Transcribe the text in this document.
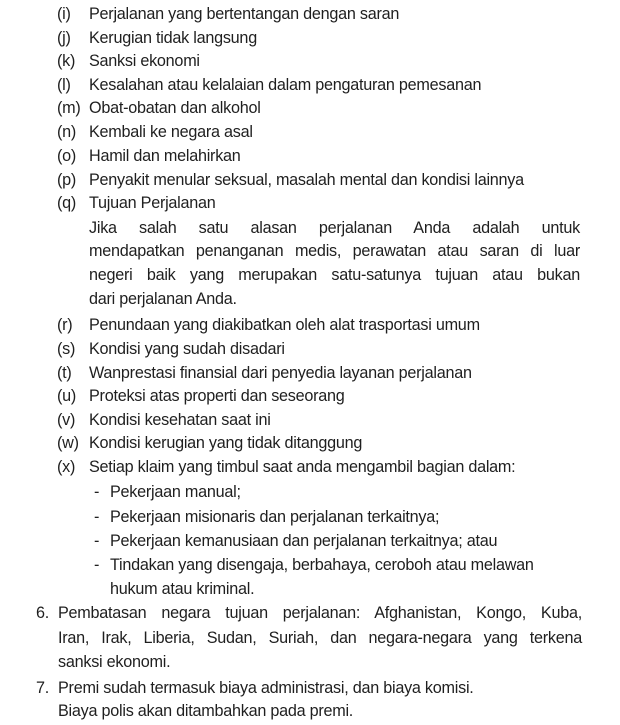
(i) Perjalanan yang bertentangan dengan saran
(j) Kerugian tidak langsung
(k) Sanksi ekonomi
(l) Kesalahan atau kelalaian dalam pengaturan pemesanan
(m) Obat-obatan dan alkohol
(n) Kembali ke negara asal
(o) Hamil dan melahirkan
(p) Penyakit menular seksual, masalah mental dan kondisi lainnya
(q) Tujuan Perjalanan
Jika salah satu alasan perjalanan Anda adalah untuk
mendapatkan penanganan medis, perawatan atau saran di luar
negeri baik yang merupakan satu-satunya tujuan atau bukan
dari perjalanan Anda.
(r) Penundaan yang diakibatkan oleh alat trasportasi umum
(s) Kondisi yang sudah disadari
(t) Wanprestasi finansial dari penyedia layanan perjalanan
(u) Proteksi atas properti dan seseorang
(v) Kondisi kesehatan saat ini
(w) Kondisi kerugian yang tidak ditanggung
(x) Setiap klaim yang timbul saat anda mengambil bagian dalam:
- Pekerjaan manual;
- Pekerjaan misionaris dan perjalanan terkaitnya;
- Pekerjaan kemanusiaan dan perjalanan terkaitnya; atau
- Tindakan yang disengaja, berbahaya, ceroboh atau melawan
hukum atau kriminal.
6. Pembatasan negara tujuan perjalanan: Afghanistan, Kongo, Kuba,
Iran, Irak, Liberia, Sudan, Suriah, dan negara-negara yang terkena
sanksi ekonomi.
7. Premi sudah termasuk biaya administrasi, dan biaya komisi.
Biaya polis akan ditambahkan pada premi.
